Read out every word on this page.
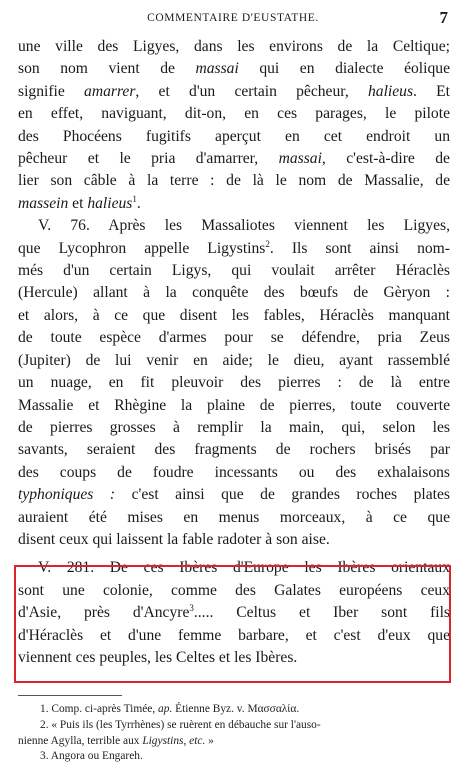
COMMENTAIRE D'EUSTATHE.	7
une ville des Ligyes, dans les environs de la Celtique;
son nom vient de massai qui en dialecte éolique
signifie amarrer, et d'un certain pêcheur, halieus. Et
en effet, naviguant, dit-on, en ces parages, le pilote
des Phocéens fugitifs aperçut en cet endroit un
pêcheur et le pria d'amarrer, massai, c'est-à-dire de
lier son câble à la terre : de là le nom de Massalie, de
massein et halieus$^1$.
V. 76. Après les Massaliotes viennent les Ligyes,
que Lycophron appelle Ligystins$^2$. Ils sont ainsi nom-
més d'un certain Ligys, qui voulait arrêter Héraclès
(Hercule) allant à la conquête des bœufs de Gèryon :
et alors, à ce que disent les fables, Héraclès manquant
de toute espèce d'armes pour se défendre, pria Zeus
(Jupiter) de lui venir en aide; le dieu, ayant rassemblé
un nuage, en fit pleuvoir des pierres : de là entre
Massalie et Rhègine la plaine de pierres, toute couverte
de pierres grosses à remplir la main, qui, selon les
savants, seraient des fragments de rochers brisés par
des coups de foudre incessants ou des exhalaisons
typhoniques : c'est ainsi que de grandes roches plates
auraient été mises en menus morceaux, à ce que
disent ceux qui laissent la fable radoter à son aise.
V. 281. De ces Ibères d'Europe les Ibères orientaux
sont une colonie, comme des Galates européens ceux
d'Asie, près d'Ancyre$^3$..... Celtus et Iber sont fils
d'Héraclès et d'une femme barbare, et c'est d'eux que
viennent ces peuples, les Celtes et les Ibères.
1. Comp. ci-après Timée, ap. Étienne Byz. v. Μασσαλία.
2. « Puis ils (les Tyrrhènes) se ruèrent en débauche sur l'auso-
nienne Agylla, terrible aux Ligystins, etc. »
3. Angora ou Engareh.
